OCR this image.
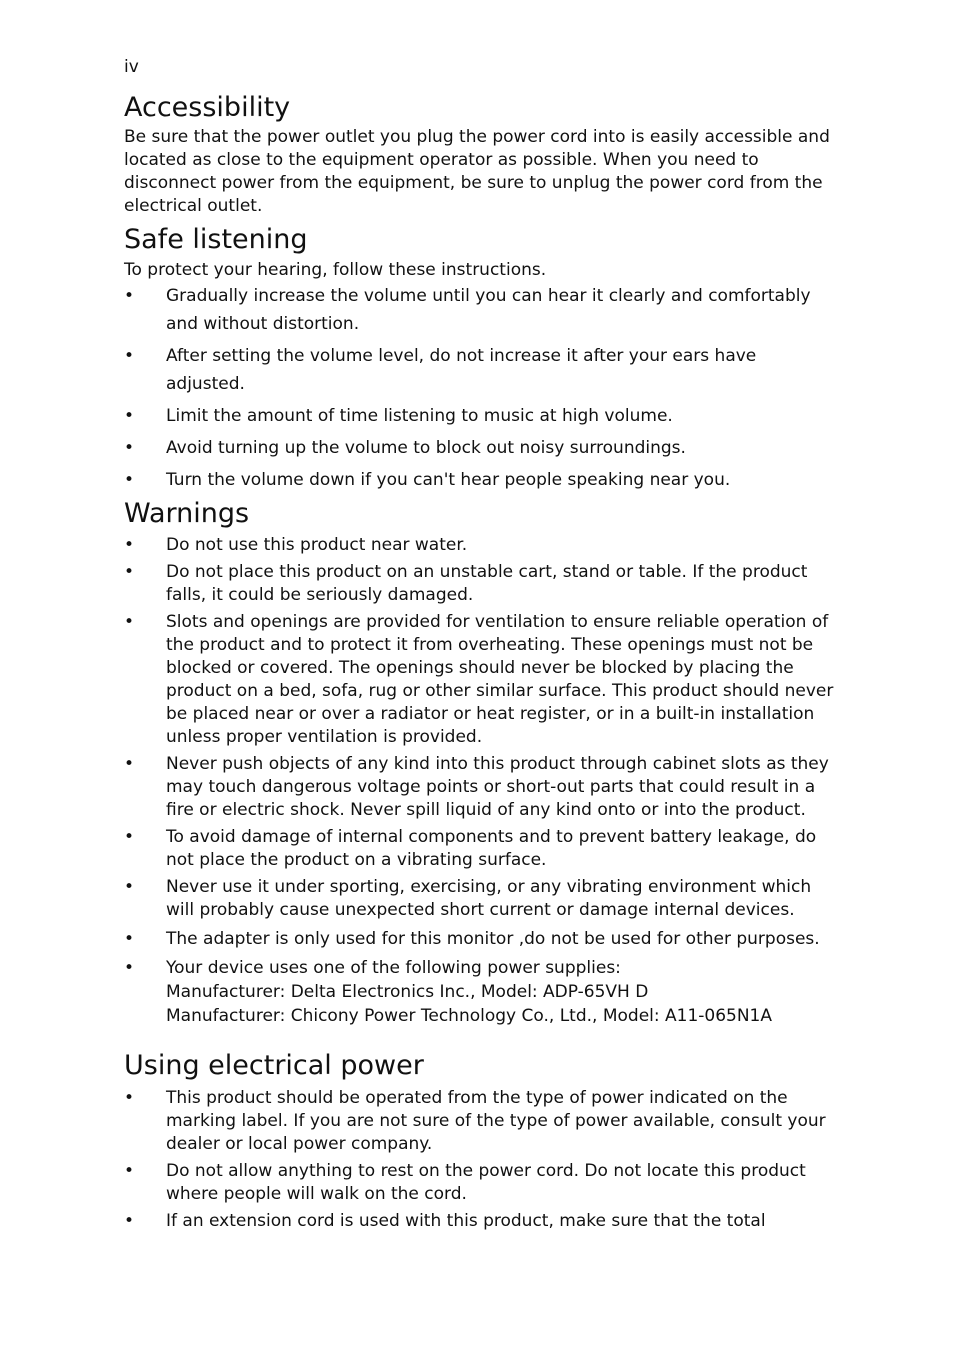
iv
Accessibility

Be sure that the power outlet you plug the power cord into is easily accessible and located as close to the equipment operator as possible. When you need to disconnect power from the equipment, be sure to unplug the power cord from the electrical outlet.

Safe listening

To protect your hearing, follow these instructions.

• Gradually increase the volume until you can hear it clearly and comfortably and without distortion.
• After setting the volume level, do not increase it after your ears have adjusted.
• Limit the amount of time listening to music at high volume.
• Avoid turning up the volume to block out noisy surroundings.
• Turn the volume down if you can't hear people speaking near you.
Warnings
• Do not use this product near water.
• Do not place this product on an unstable cart, stand or table. If the product falls, it could be seriously damaged.
• Slots and openings are provided for ventilation to ensure reliable operation of the product and to protect it from overheating. These openings must not be blocked or covered. The openings should never be blocked by placing the product on a bed, sofa, rug or other similar surface. This product should never be placed near or over a radiator or heat register, or in a built-in installation unless proper ventilation is provided.
• Never push objects of any kind into this product through cabinet slots as they may touch dangerous voltage points or short-out parts that could result in a fire or electric shock. Never spill liquid of any kind onto or into the product.
• To avoid damage of internal components and to prevent battery leakage, do not place the product on a vibrating surface.
• Never use it under sporting, exercising, or any vibrating environment which will probably cause unexpected short current or damage internal devices.
• The adapter is only used for this monitor ,do not be used for other purposes.
• Your device uses one of the following power supplies:
Manufacturer: Delta Electronics Inc., Model: ADP-65VH D
Manufacturer: Chicony Power Technology Co., Ltd., Model: A11-065N1A
Using electrical power
• This product should be operated from the type of power indicated on the marking label. If you are not sure of the type of power available, consult your dealer or local power company.
• Do not allow anything to rest on the power cord. Do not locate this product where people will walk on the cord.
• If an extension cord is used with this product, make sure that the total
